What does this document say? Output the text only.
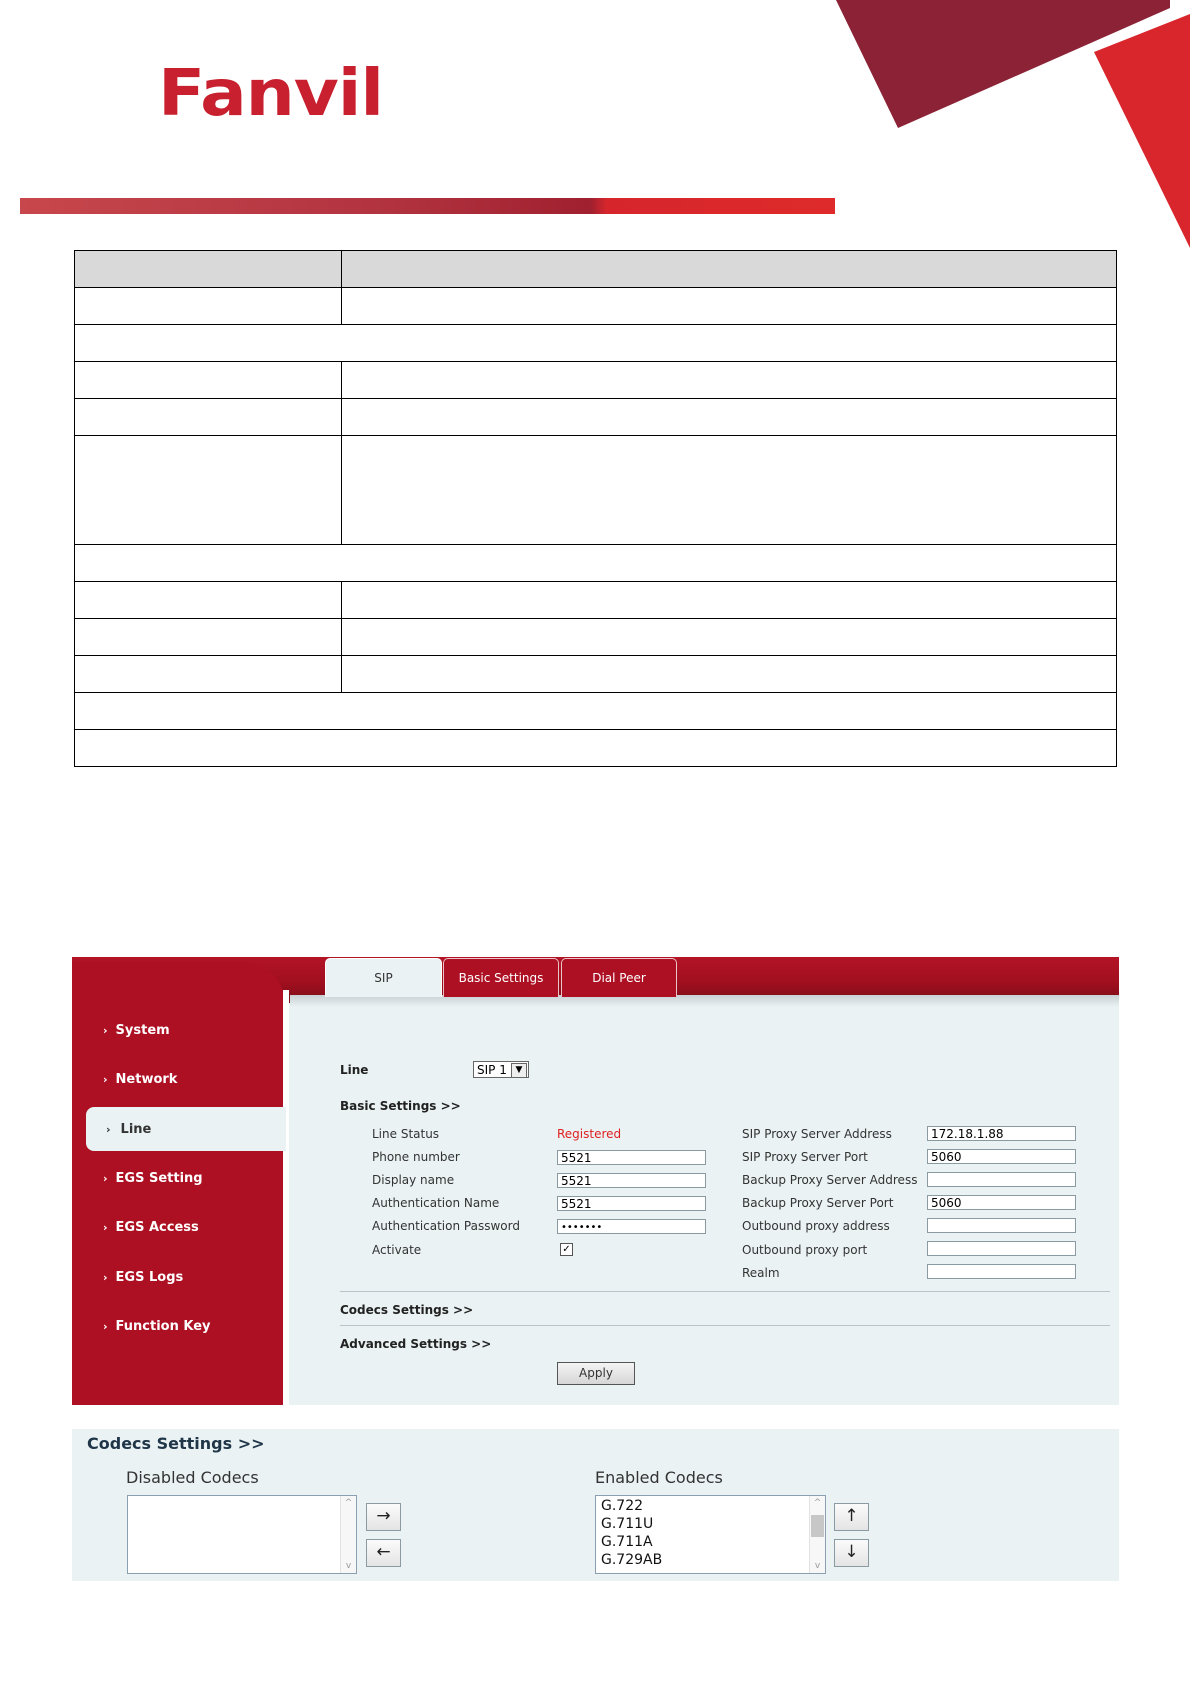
Fanvil

› System
› Network
› Line
› EGS Setting
› EGS Access
› EGS Logs
› Function Key
SIP	Basic Settings	Dial Peer
Line	SIP 1 ▼
Basic Settings >>
Line Status	Registered
Phone number	5521
Display name	5521
Authentication Name	5521
Authentication Password	•••••••
Activate	✓
SIP Proxy Server Address	172.18.1.88
SIP Proxy Server Port	5060
Backup Proxy Server Address
Backup Proxy Server Port	5060
Outbound proxy address
Outbound proxy port
Realm
Codecs Settings >>
Advanced Settings >>
Apply
Codecs Settings >>
Disabled Codecs
^
v
→
←
Enabled Codecs
G.722
G.711U
G.711A
G.729AB
^
v
↑
↓
